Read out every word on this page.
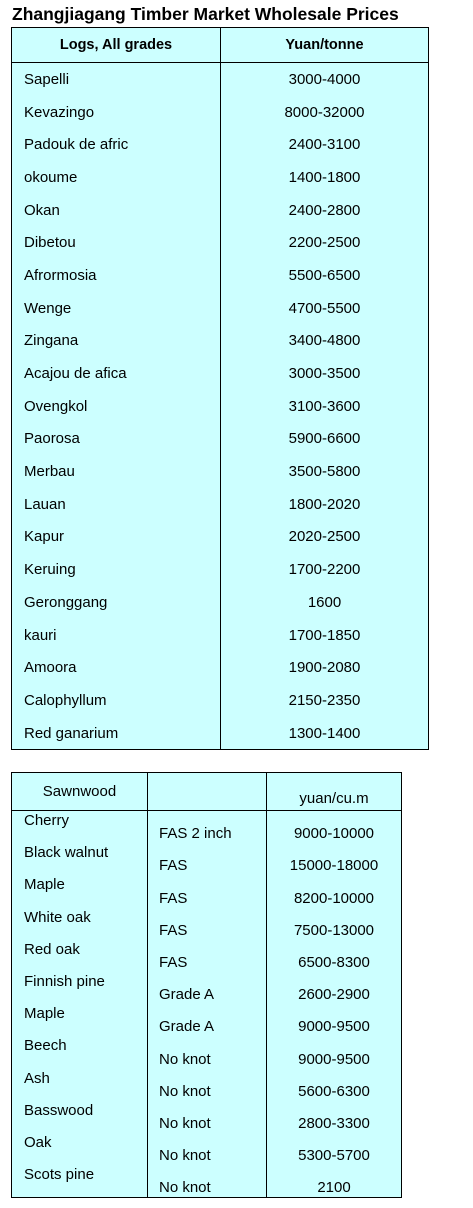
Zhangjiagang Timber Market Wholesale Prices
Logs, All grades	Yuan/tonne
Sapelli	3000-4000
Kevazingo	8000-32000
Padouk de afric	2400-3100
okoume	1400-1800
Okan	2400-2800
Dibetou	2200-2500
Afrormosia	5500-6500
Wenge	4700-5500
Zingana	3400-4800
Acajou de afica	3000-3500
Ovengkol	3100-3600
Paorosa	5900-6600
Merbau	3500-5800
Lauan	1800-2020
Kapur	2020-2500
Keruing	1700-2200
Geronggang	1600
kauri	1700-1850
Amoora	1900-2080
Calophyllum	2150-2350
Red ganarium	1300-1400
Sawnwood		yuan/cu.m
Cherry	FAS 2 inch	9000-10000
Black walnut	FAS	15000-18000
Maple	FAS	8200-10000
White oak	FAS	7500-13000
Red oak	FAS	6500-8300
Finnish pine	Grade A	2600-2900
Maple	Grade A	9000-9500
Beech	No knot	9000-9500
Ash	No knot	5600-6300
Basswood	No knot	2800-3300
Oak	No knot	5300-5700
Scots pine	No knot	2100
